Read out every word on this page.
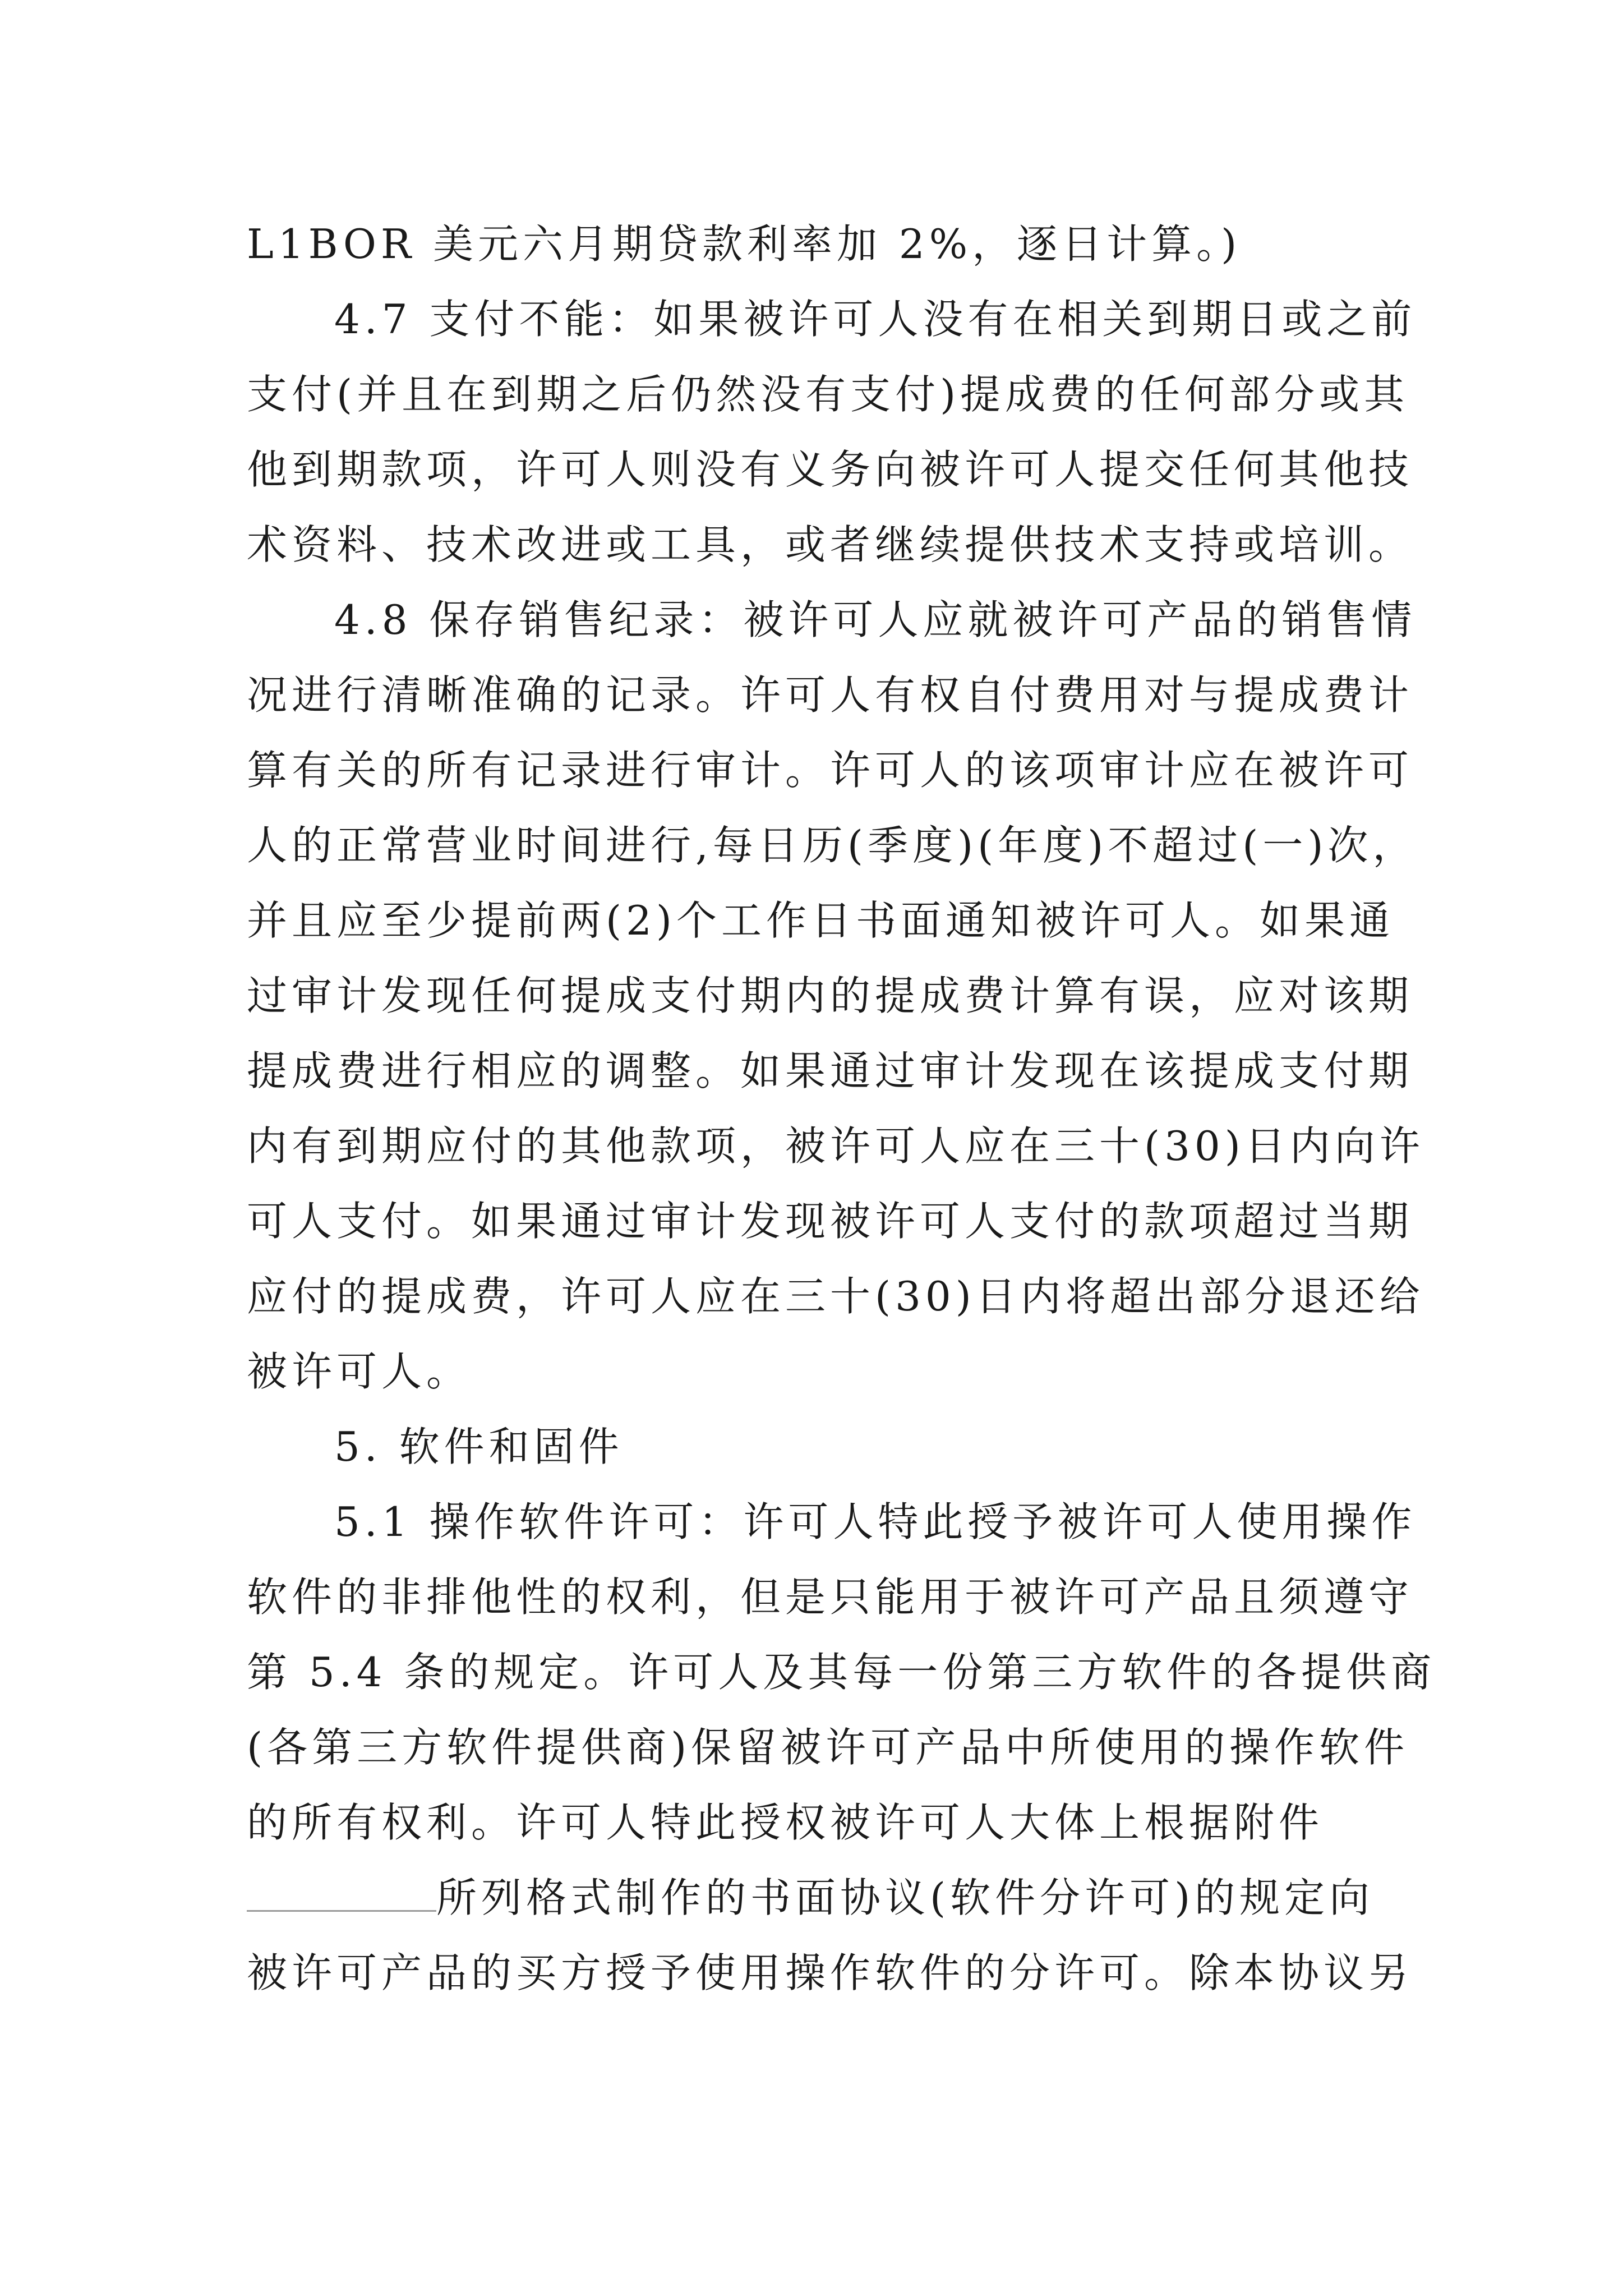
L1BOR 美元六月期贷款利率加 2%，逐日计算。)
4.7 支付不能：如果被许可人没有在相关到期日或之前
支付(并且在到期之后仍然没有支付)提成费的任何部分或其
他到期款项，许可人则没有义务向被许可人提交任何其他技
术资料、技术改进或工具，或者继续提供技术支持或培训。
4.8 保存销售纪录：被许可人应就被许可产品的销售情
况进行清晰准确的记录。许可人有权自付费用对与提成费计
算有关的所有记录进行审计。许可人的该项审计应在被许可
人的正常营业时间进行,每日历(季度)(年度)不超过(一)次，
并且应至少提前两(2)个工作日书面通知被许可人。如果通
过审计发现任何提成支付期内的提成费计算有误，应对该期
提成费进行相应的调整。如果通过审计发现在该提成支付期
内有到期应付的其他款项，被许可人应在三十(30)日内向许
可人支付。如果通过审计发现被许可人支付的款项超过当期
应付的提成费，许可人应在三十(30)日内将超出部分退还给
被许可人。
5. 软件和固件
5.1 操作软件许可：许可人特此授予被许可人使用操作
软件的非排他性的权利，但是只能用于被许可产品且须遵守
第 5.4 条的规定。许可人及其每一份第三方软件的各提供商
(各第三方软件提供商)保留被许可产品中所使用的操作软件
的所有权利。许可人特此授权被许可人大体上根据附件
所列格式制作的书面协议(软件分许可)的规定向
被许可产品的买方授予使用操作软件的分许可。除本协议另
